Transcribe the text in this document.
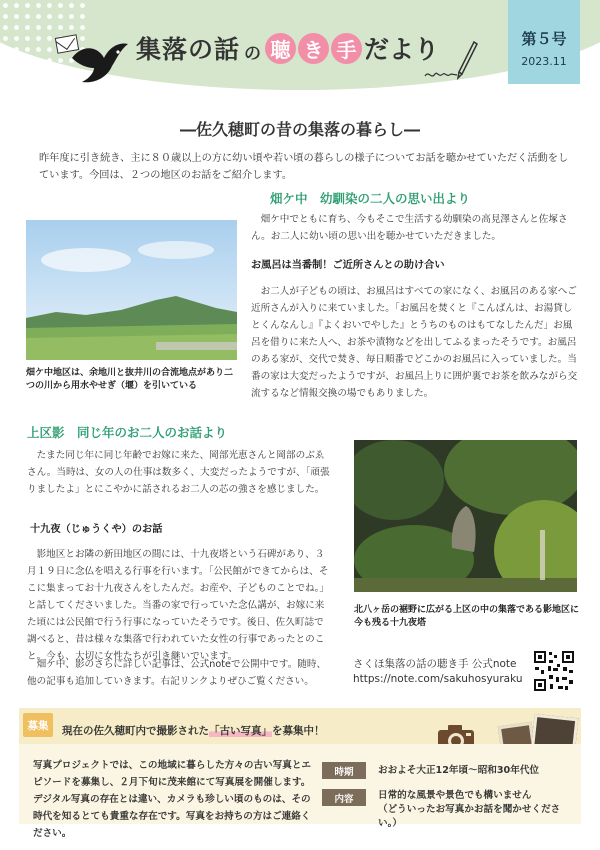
集落の話 の 聴 き 手 だより	第５号
2023.11
―佐久穂町の昔の集落の暮らし―
昨年度に引き続き、主に８０歳以上の方に幼い頃や若い頃の暮らしの様子についてお話を聴かせていただく活動をしています。今回は、２つの地区のお話をご紹介します。
畑ケ中地区は、余地川と抜井川の合流地点があり二つの川から用水やせぎ（堰）を引いている
畑ケ中　幼馴染の二人の思い出より
畑ケ中でともに育ち、今もそこで生活する幼馴染の高見澤さんと佐塚さん。お二人に幼い頃の思い出を聴かせていただきました。
お風呂は当番制！ご近所さんとの助け合い
お二人が子どもの頃は、お風呂はすべての家になく、お風呂のある家へご近所さんが入りに来ていました。「お風呂を焚くと『こんばんは、お湯貸しとくんなんし』『よくおいでやした』とうちのものはもてなしたんだ」お風呂を借りに来た人へ、お茶や漬物などを出してふるまったそうです。お風呂のある家が、交代で焚き、毎日順番でどこかのお風呂に入っていました。当番の家は大変だったようですが、お風呂上りに囲炉裏でお茶を飲みながら交流するなど情報交換の場でもありました。
上区影　同じ年のお二人のお話より
たまた同じ年に同じ年齢でお嫁に来た、岡部光恵さんと岡部のぶゑさん。当時は、女の人の仕事は数多く、大変だったようですが、「頑張りましたよ」とにこやかに話されるお二人の芯の強さを感じました。
十九夜（じゅうくや）のお話
影地区とお隣の新田地区の間には、十九夜塔という石碑があり、３月１９日に念仏を唱える行事を行います。「公民館ができてからは、そこに集まってお十九夜さんをしたんだ。お産や、子どものことでね。」と話してくださいました。当番の家で行っていた念仏講が、お嫁に来た頃には公民館で行う行事になっていたそうです。後日、佐久町誌で調べると、昔は様々な集落で行われていた女性の行事であったとのこと。今も、大切に女性たちが引き継いでいます。
畑ケ中、影のさらに詳しい記事は、公式noteで公開中です。随時、他の記事も追加していきます。右記リンクよりぜひご覧ください。
北八ヶ岳の裾野に広がる上区の中の集落である影地区に今も残る十九夜塔
さくほ集落の話の聴き手 公式note
https://note.com/sakuhosyuraku
募集	現在の佐久穂町内で撮影された「古い写真」を募集中！
写真プロジェクトでは、この地域に暮らした方々の古い写真とエピソードを募集し、２月下旬に茂来館にて写真展を開催します。デジタル写真の存在とは違い、カメラも珍しい頃のものは、その時代を知るとても貴重な存在です。写真をお持ちの方はご連絡ください。
時期	おおよそ大正12年頃～昭和30年代位
内容	日常的な風景や景色でも構いません
（どういったお写真かお話を聞かせください。）
